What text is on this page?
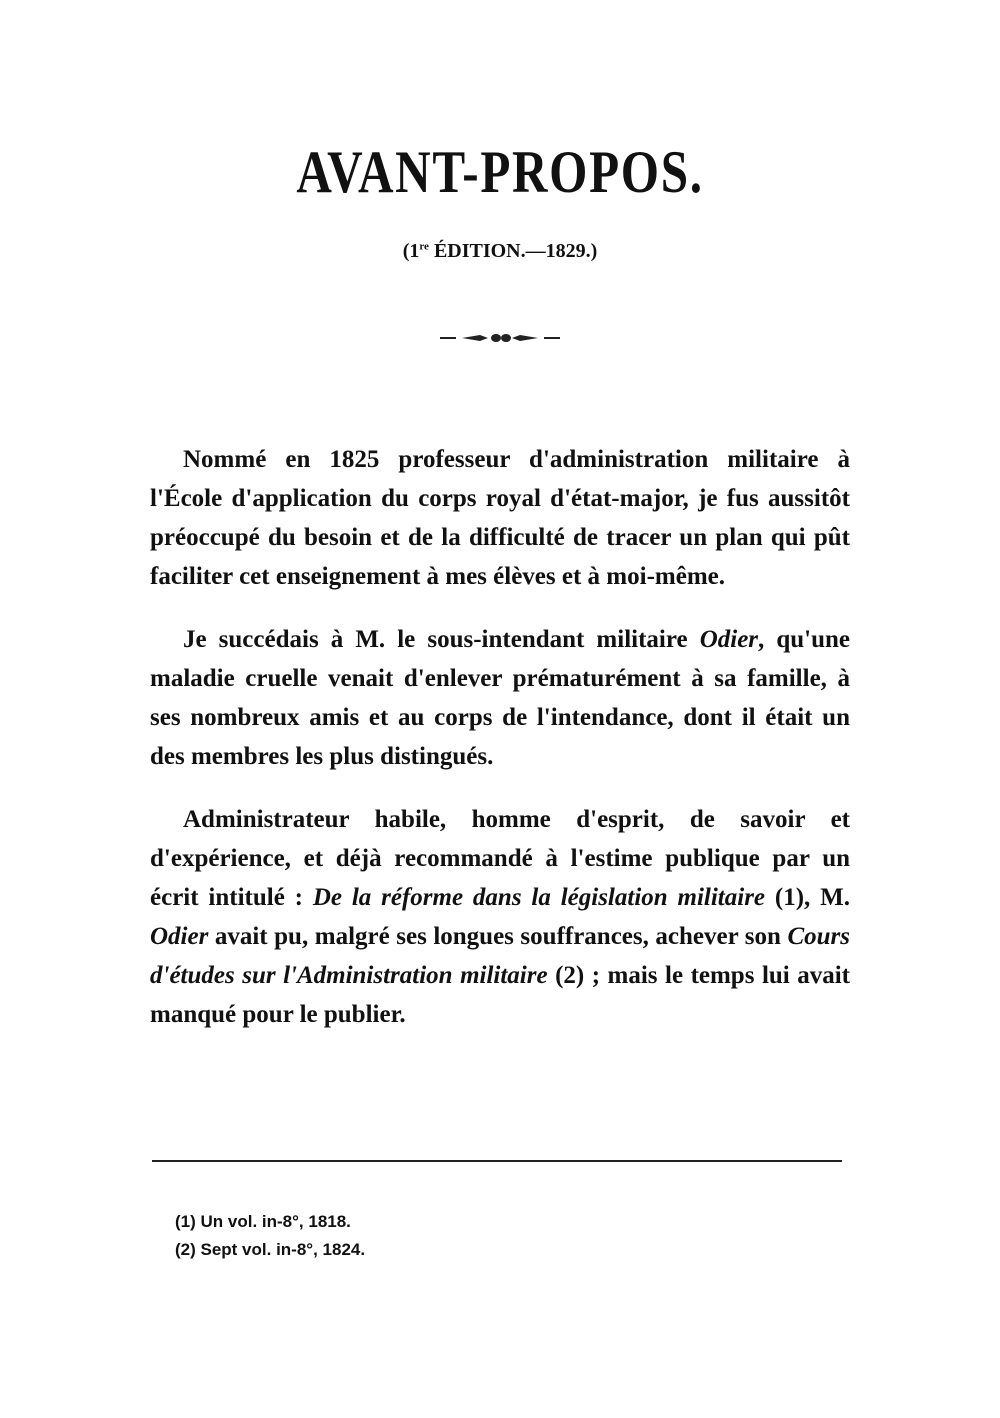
AVANT-PROPOS.
(1re ÉDITION.—1829.)

Nommé en 1825 professeur d'administration militaire à l'École d'application du corps royal d'état-major, je fus aussitôt préoccupé du besoin et de la difficulté de tracer un plan qui pût faciliter cet enseignement à mes élèves et à moi-même.

Je succédais à M. le sous-intendant militaire Odier, qu'une maladie cruelle venait d'enlever prématurément à sa famille, à ses nombreux amis et au corps de l'intendance, dont il était un des membres les plus distingués.

Administrateur habile, homme d'esprit, de savoir et d'expérience, et déjà recommandé à l'estime publique par un écrit intitulé : De la réforme dans la législation militaire (1), M. Odier avait pu, malgré ses longues souffrances, achever son Cours d'études sur l'Administration militaire (2) ; mais le temps lui avait manqué pour le publier.

(1) Un vol. in-8°, 1818.
(2) Sept vol. in-8°, 1824.
